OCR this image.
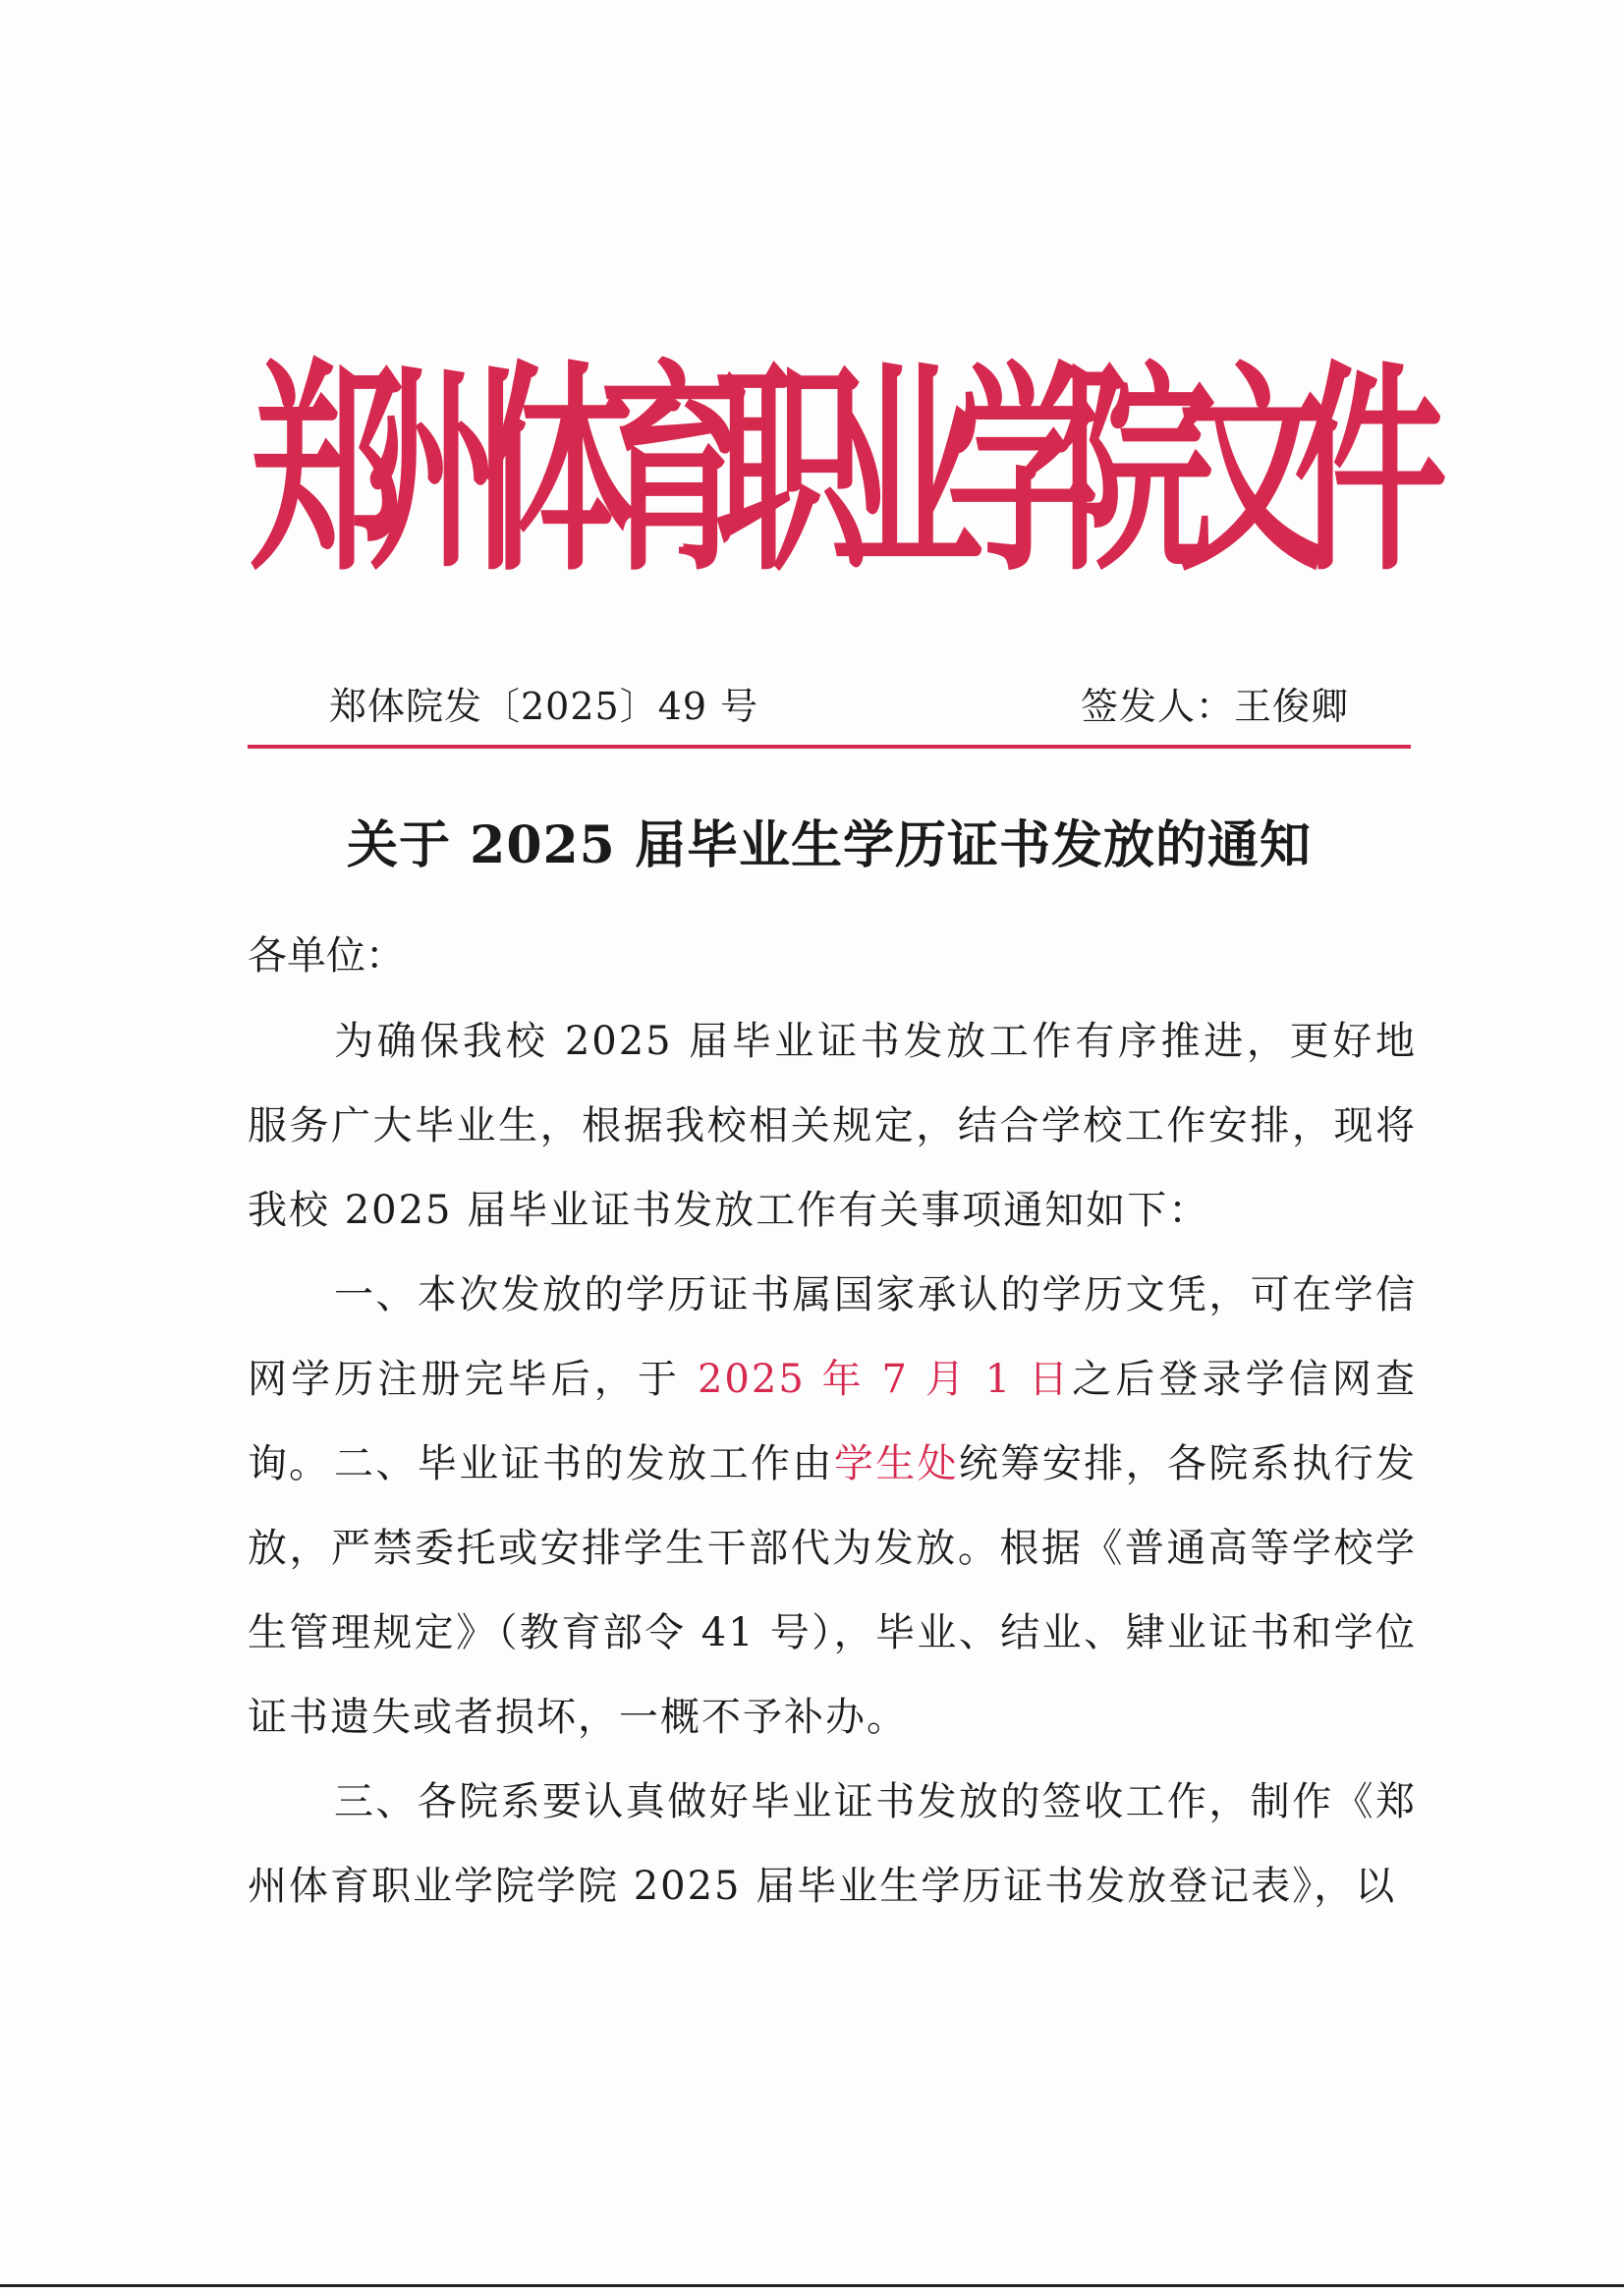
郑
州
体
育
职
业
学
院
文
件
郑体院发〔2025〕49 号	签发人：王俊卿
关于 2025 届毕业生学历证书发放的通知
各单位：
为确保我校 2025 届毕业证书发放工作有序推进，更好地服务广大毕业生，根据我校相关规定，结合学校工作安排，现将我校 2025 届毕业证书发放工作有关事项通知如下：
一、本次发放的学历证书属国家承认的学历文凭，可在学信网学历注册完毕后，于 2025 年 7 月 1 日之后登录学信网查询。 二、毕业证书的发放工作由学生处统筹安排，各院系执行发放，严禁委托或安排学生干部代为发放。根据《普通高等学校学生管理规定》（教育部令 41 号），毕业、结业、肄业证书和学位证书遗失或者损坏，一概不予补办。
三、各院系要认真做好毕业证书发放的签收工作，制作《郑州体育职业学院学院 2025 届毕业生学历证书发放登记表》，以
